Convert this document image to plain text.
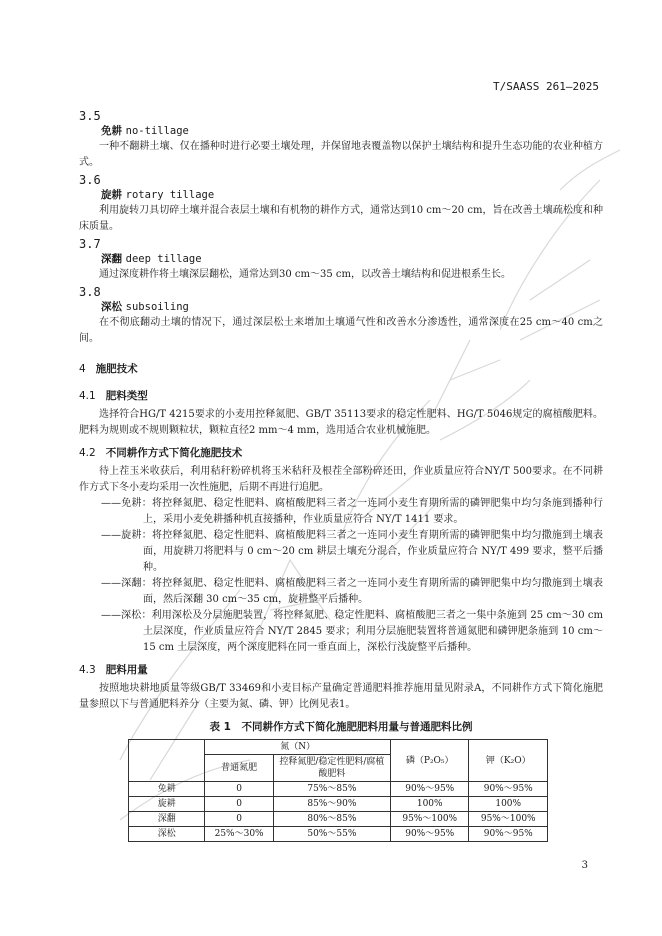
T/SAASS 261—2025
3.5
免耕 no-tillage

一种不翻耕土壤、仅在播种时进行必要土壤处理，并保留地表覆盖物以保护土壤结构和提升生态功能的农业种植方式。

3.6
旋耕 rotary tillage

利用旋转刀具切碎土壤并混合表层土壤和有机物的耕作方式，通常达到10 cm～20 cm，旨在改善土壤疏松度和种床质量。

3.7
深翻 deep tillage

通过深度耕作将土壤深层翻松，通常达到30 cm～35 cm，以改善土壤结构和促进根系生长。

3.8
深松 subsoiling

在不彻底翻动土壤的情况下，通过深层松土来增加土壤通气性和改善水分渗透性，通常深度在25 cm～40 cm之间。

4 施肥技术
4.1 肥料类型

选择符合HG/T 4215要求的小麦用控释氮肥、GB/T 35113要求的稳定性肥料、HG/T 5046规定的腐植酸肥料。肥料为规则或不规则颗粒状，颗粒直径2 mm～4 mm，选用适合农业机械施肥。

4.2 不同耕作方式下简化施肥技术

待上茬玉米收获后，利用秸秆粉碎机将玉米秸秆及根茬全部粉碎还田，作业质量应符合NY/T 500要求。在不同耕作方式下冬小麦均采用一次性施肥，后期不再进行追肥。

——免耕：将控释氮肥、稳定性肥料、腐植酸肥料三者之一连同小麦生育期所需的磷钾肥集中均匀条施到播种行上，采用小麦免耕播种机直接播种，作业质量应符合 NY/T 1411 要求。
——旋耕：将控释氮肥、稳定性肥料、腐植酸肥料三者之一连同小麦生育期所需的磷钾肥集中均匀撒施到土壤表面，用旋耕刀将肥料与 0 cm～20 cm 耕层土壤充分混合，作业质量应符合 NY/T 499 要求，整平后播种。
——深翻：将控释氮肥、稳定性肥料、腐植酸肥料三者之一连同小麦生育期所需的磷钾肥集中均匀撒施到土壤表面，然后深翻 30 cm～35 cm，旋耕整平后播种。
——深松：利用深松及分层施肥装置，将控释氮肥、稳定性肥料、腐植酸肥三者之一集中条施到 25 cm～30 cm 土层深度，作业质量应符合 NY/T 2845 要求；利用分层施肥装置将普通氮肥和磷钾肥条施到 10 cm～15 cm 土层深度，两个深度肥料在同一垂直面上，深松行浅旋整平后播种。
4.3 肥料用量

按照地块耕地质量等级GB/T 33469和小麦目标产量确定普通肥料推荐施用量见附录A，不同耕作方式下简化施肥量参照以下与普通肥料养分（主要为氮、磷、钾）比例见表1。

表 1　不同耕作方式下简化施肥肥料用量与普通肥料比例
	氮（N）		磷（P₂O₅）	钾（K₂O）
	普通氮肥	控释氮肥/稳定性肥料/腐植酸肥料		
免耕	0	75%～85%	90%～95%	90%～95%
旋耕	0	85%～90%	100%	100%
深翻	0	80%～85%	95%～100%	95%～100%
深松	25%～30%	50%～55%	90%～95%	90%～95%
3
